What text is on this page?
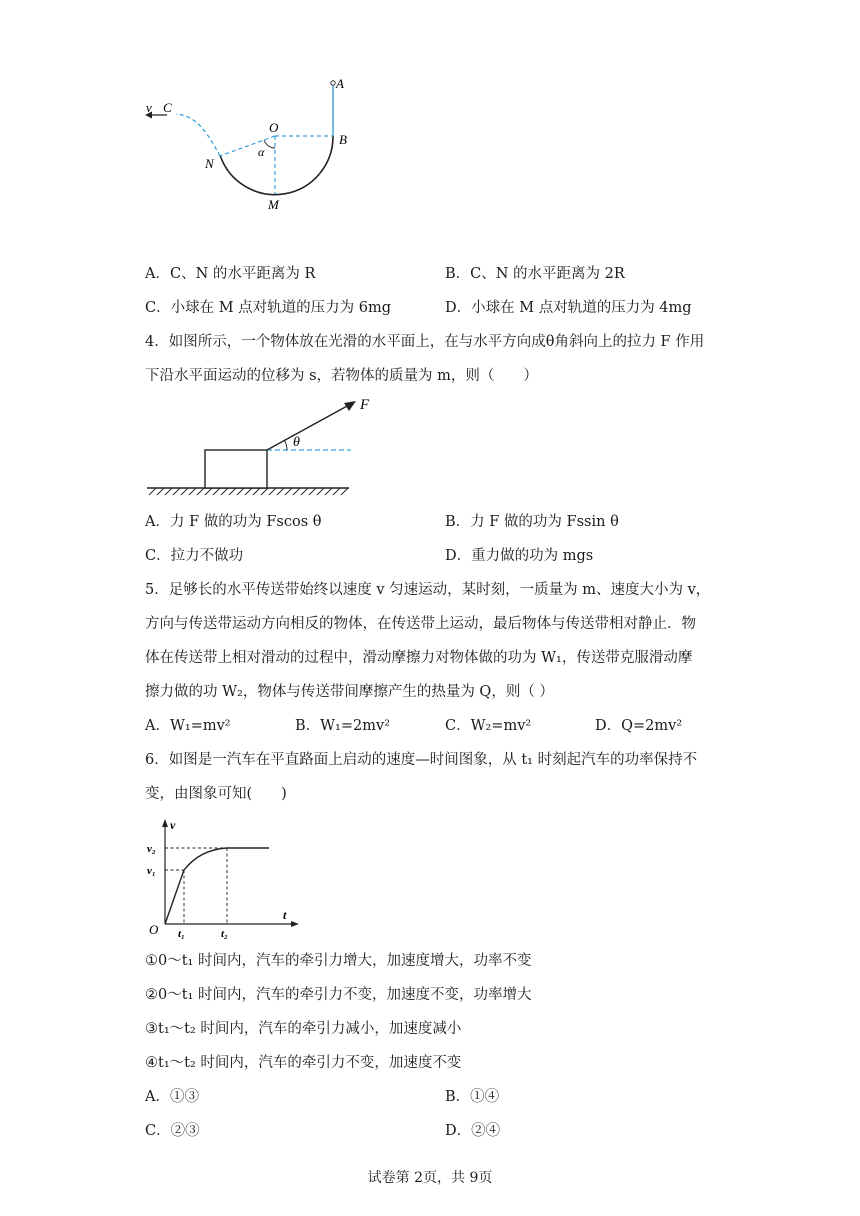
A
B
C
v
O
N
M
α
A．C、N 的水平距离为 R	B．C、N 的水平距离为 2R
C．小球在 M 点对轨道的压力为 6mg	D．小球在 M 点对轨道的压力为 4mg
4．如图所示，一个物体放在光滑的水平面上，在与水平方向成θ角斜向上的拉力 F 作用
下沿水平面运动的位移为 s，若物体的质量为 m，则（　　）
F
θ
A．力 F 做的功为 Fscos θ	B．力 F 做的功为 Fssin θ
C．拉力不做功	D．重力做的功为 mgs
5．足够长的水平传送带始终以速度 v 匀速运动，某时刻，一质量为 m、速度大小为 v，
方向与传送带运动方向相反的物体，在传送带上运动，最后物体与传送带相对静止．物
体在传送带上相对滑动的过程中，滑动摩擦力对物体做的功为 W₁，传送带克服滑动摩
擦力做的功 W₂，物体与传送带间摩擦产生的热量为 Q，则（ ）
A．W₁=mv²	B．W₁=2mv²	C．W₂=mv²	D．Q=2mv²
6．如图是一汽车在平直路面上启动的速度—时间图象，从 t₁ 时刻起汽车的功率保持不
变，由图象可知(　　)
v
v₂
v₁
O t₁	t₂
t
①0～t₁ 时间内，汽车的牵引力增大，加速度增大，功率不变
②0～t₁ 时间内，汽车的牵引力不变，加速度不变，功率增大
③t₁～t₂ 时间内，汽车的牵引力减小，加速度减小
④t₁～t₂ 时间内，汽车的牵引力不变，加速度不变
A．①③	B．①④
C．②③	D．②④
试卷第 2页，共 9页
